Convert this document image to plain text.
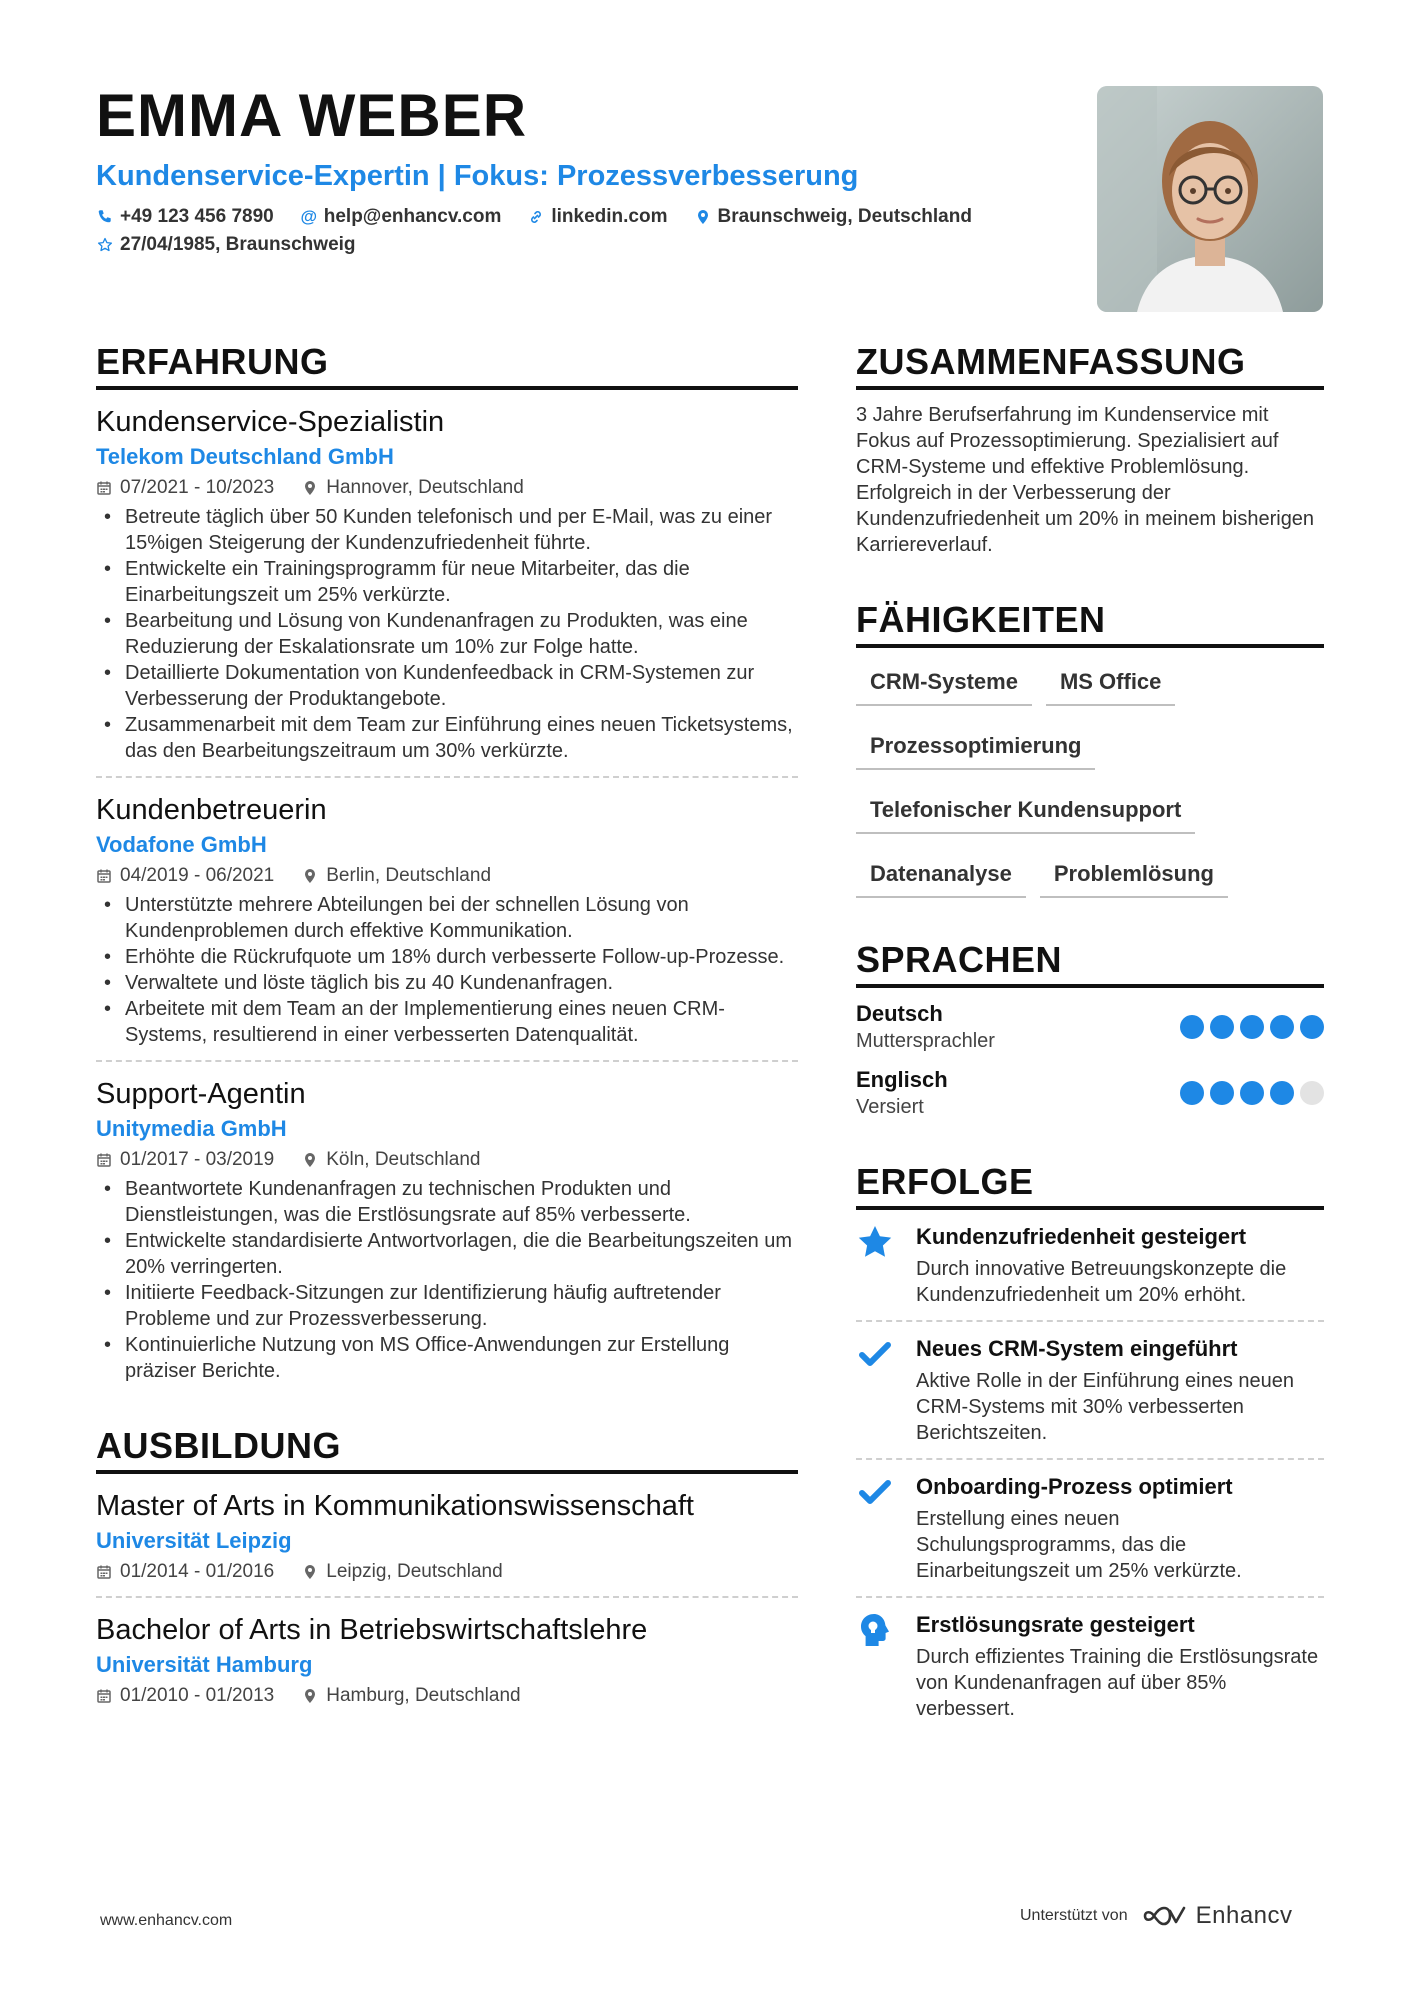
EMMA WEBER
Kundenservice-Expertin | Fokus: Prozessverbesserung
+49 123 456 7890 @ help@enhancv.com	linkedin.com	Braunschweig, Deutschland
27/04/1985, Braunschweig
ERFAHRUNG
Kundenservice-Spezialistin
Telekom Deutschland GmbH
07/2021 - 10/2023	Hannover, Deutschland
• Betreute täglich über 50 Kunden telefonisch und per E-Mail, was zu einer 15%igen Steigerung der Kundenzufriedenheit führte.
• Entwickelte ein Trainingsprogramm für neue Mitarbeiter, das die Einarbeitungszeit um 25% verkürzte.
• Bearbeitung und Lösung von Kundenanfragen zu Produkten, was eine Reduzierung der Eskalationsrate um 10% zur Folge hatte.
• Detaillierte Dokumentation von Kundenfeedback in CRM-Systemen zur Verbesserung der Produktangebote.
• Zusammenarbeit mit dem Team zur Einführung eines neuen Ticketsystems, das den Bearbeitungszeitraum um 30% verkürzte.
Kundenbetreuerin
Vodafone GmbH
04/2019 - 06/2021	Berlin, Deutschland
• Unterstützte mehrere Abteilungen bei der schnellen Lösung von Kundenproblemen durch effektive Kommunikation.
• Erhöhte die Rückrufquote um 18% durch verbesserte Follow-up-Prozesse.
• Verwaltete und löste täglich bis zu 40 Kundenanfragen.
• Arbeitete mit dem Team an der Implementierung eines neuen CRM-Systems, resultierend in einer verbesserten Datenqualität.
Support-Agentin
Unitymedia GmbH
01/2017 - 03/2019	Köln, Deutschland
• Beantwortete Kundenanfragen zu technischen Produkten und Dienstleistungen, was die Erstlösungsrate auf 85% verbesserte.
• Entwickelte standardisierte Antwortvorlagen, die die Bearbeitungszeiten um 20% verringerten.
• Initiierte Feedback-Sitzungen zur Identifizierung häufig auftretender Probleme und zur Prozessverbesserung.
• Kontinuierliche Nutzung von MS Office-Anwendungen zur Erstellung präziser Berichte.
AUSBILDUNG
Master of Arts in Kommunikationswissenschaft
Universität Leipzig
01/2014 - 01/2016	Leipzig, Deutschland
Bachelor of Arts in Betriebswirtschaftslehre
Universität Hamburg
01/2010 - 01/2013	Hamburg, Deutschland
ZUSAMMENFASSUNG
3 Jahre Berufserfahrung im Kundenservice mit Fokus auf Prozessoptimierung. Spezialisiert auf CRM-Systeme und effektive Problemlösung. Erfolgreich in der Verbesserung der Kundenzufriedenheit um 20% in meinem bisherigen Karriereverlauf.
FÄHIGKEITEN
CRM-Systeme	MS Office
Prozessoptimierung
Telefonischer Kundensupport
Datenanalyse	Problemlösung
SPRACHEN
Deutsch
Muttersprachler
Englisch
Versiert
ERFOLGE
Kundenzufriedenheit gesteigert
Durch innovative Betreuungskonzepte die Kundenzufriedenheit um 20% erhöht.
Neues CRM-System eingeführt
Aktive Rolle in der Einführung eines neuen CRM-Systems mit 30% verbesserten Berichtszeiten.
Onboarding-Prozess optimiert
Erstellung eines neuen Schulungsprogramms, das die Einarbeitungszeit um 25% verkürzte.
Erstlösungsrate gesteigert
Durch effizientes Training die Erstlösungsrate von Kundenanfragen auf über 85% verbessert.
www.enhancv.com	Unterstützt von	Enhancv
